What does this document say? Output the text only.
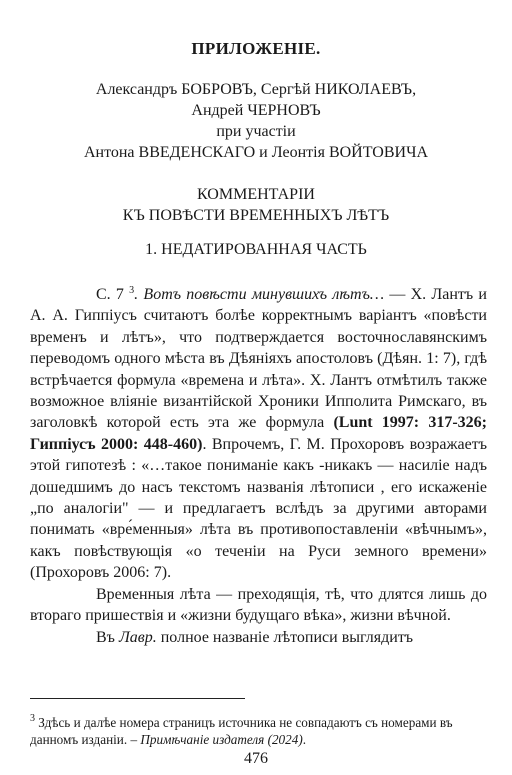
ПРИЛОЖЕНIЕ.
Александръ БОБРОВЪ, Сергѣй НИКОЛАЕВЪ,
Андрей ЧЕРНОВЪ
при участiи
Антона ВВЕДЕНСКАГО и Леонтiя ВОЙТОВИЧА
КОММЕНТАРIИ
КЪ ПОВѢСТИ ВРЕМЕННЫХЪ ЛѢТЪ
1. НЕДАТИРОВАННАЯ ЧАСТЬ

С. 7 $^3$. Вотъ повѣсти минувшихъ лѣтъ… — Х. Лантъ и А. А. Гиппiусъ считаютъ болѣе корректнымъ варiантъ «повѣсти временъ и лѣтъ», что подтверждается восточнославянскимъ переводомъ одного мѣста въ Дѣянiяхъ апостоловъ (Дѣян. 1: 7), гдѣ встрѣчается формула «времена и лѣта». Х. Лантъ отмѣтилъ также возможное влiянiе византiйской Хроники Ипполита Римскаго, въ заголовкѣ которой есть эта же формула (Lunt 1997: 317-326; Гиппiусъ 2000: 448-460). Впрочемъ, Г. М. Прохоровъ возражаетъ этой гипотезѣ : «…такое пониманiе какъ -никакъ — насилiе надъ дошедшимъ до насъ текстомъ названiя лѣтописи , его искаженiе „по аналогiи" — и предлагаетъ вслѣдъ за другими авторами понимать «вре́менныя» лѣта въ противопоставленiи «вѣчнымъ», какъ повѣствующiя «о теченiи на Руси земного времени» (Прохоровъ 2006: 7).

Временныя лѣта — преходящiя, тѣ, что длятся лишь до втораго пришествiя и «жизни будущаго вѣка», жизни вѣчной.

Въ Лавр. полное названiе лѣтописи выглядитъ

$^3$ Здѣсь и далѣе номера страницъ источника не совпадаютъ съ номерами въ данномъ изданiи. – Примѣчанiе издателя (2024).
476
